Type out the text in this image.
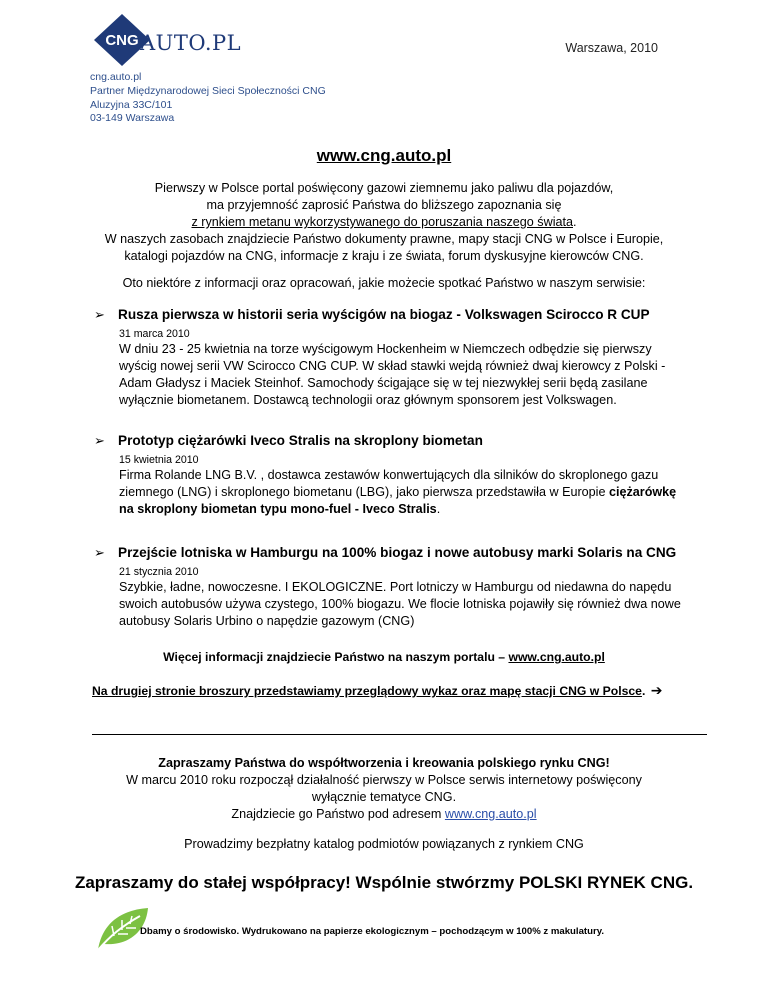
CNG AUTO.PL	Warszawa, 2010
cng.auto.pl
Partner Międzynarodowej Sieci Społeczności CNG
Aluzyjna 33C/101
03-149 Warszawa
www.cng.auto.pl
Pierwszy w Polsce portal poświęcony gazowi ziemnemu jako paliwu dla pojazdów,
ma przyjemność zaprosić Państwa do bliższego zapoznania się
z rynkiem metanu wykorzystywanego do poruszania naszego świata.
W naszych zasobach znajdziecie Państwo dokumenty prawne, mapy stacji CNG w Polsce i Europie,
katalogi pojazdów na CNG, informacje z kraju i ze świata, forum dyskusyjne kierowców CNG.
Oto niektóre z informacji oraz opracowań, jakie możecie spotkać Państwo w naszym serwisie:
➢ Rusza pierwsza w historii seria wyścigów na biogaz - Volkswagen Scirocco R CUP
31 marca 2010
W dniu 23 - 25 kwietnia na torze wyścigowym Hockenheim w Niemczech odbędzie się pierwszy wyścig nowej serii VW Scirocco CNG CUP. W skład stawki wejdą również dwaj kierowcy z Polski - Adam Gładysz i Maciek Steinhof. Samochody ścigające się w tej niezwykłej serii będą zasilane wyłącznie biometanem. Dostawcą technologii oraz głównym sponsorem jest Volkswagen.
➢ Prototyp ciężarówki Iveco Stralis na skroplony biometan
15 kwietnia 2010
Firma Rolande LNG B.V. , dostawca zestawów konwertujących dla silników do skroplonego gazu ziemnego (LNG) i skroplonego biometanu (LBG), jako pierwsza przedstawiła w Europie ciężarówkę na skroplony biometan typu mono-fuel - Iveco Stralis.
➢ Przejście lotniska w Hamburgu na 100% biogaz i nowe autobusy marki Solaris na CNG
21 stycznia 2010
Szybkie, ładne, nowoczesne. I EKOLOGICZNE. Port lotniczy w Hamburgu od niedawna do napędu swoich autobusów używa czystego, 100% biogazu. We flocie lotniska pojawiły się również dwa nowe autobusy Solaris Urbino o napędzie gazowym (CNG)
Więcej informacji znajdziecie Państwo na naszym portalu – www.cng.auto.pl
Na drugiej stronie broszury przedstawiamy przeglądowy wykaz oraz mapę stacji CNG w Polsce. ➔
Zapraszamy Państwa do współtworzenia i kreowania polskiego rynku CNG!
W marcu 2010 roku rozpoczął działalność pierwszy w Polsce serwis internetowy poświęcony
wyłącznie tematyce CNG.
Znajdziecie go Państwo pod adresem www.cng.auto.pl
Prowadzimy bezpłatny katalog podmiotów powiązanych z rynkiem CNG
Zapraszamy do stałej współpracy! Wspólnie stwórzmy POLSKI RYNEK CNG.
Dbamy o środowisko. Wydrukowano na papierze ekologicznym – pochodzącym w 100% z makulatury.
